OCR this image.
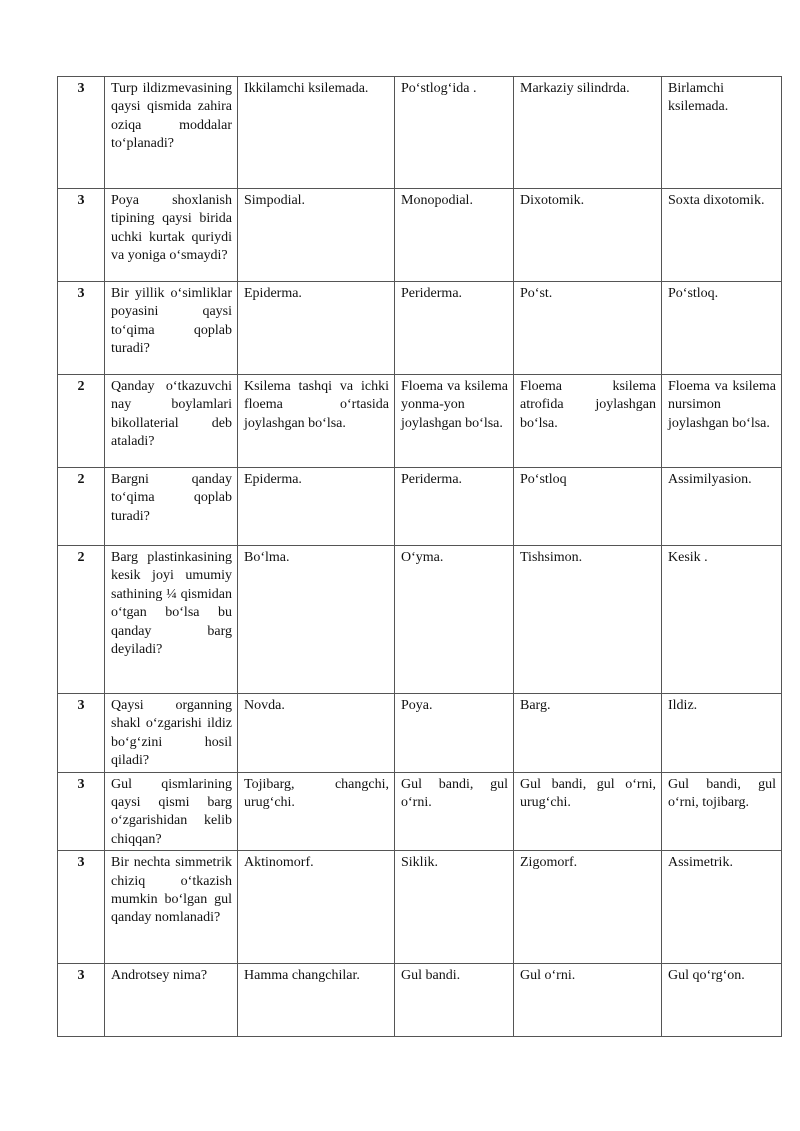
3	Turp ildizmevasining qaysi qismida zahira oziqa moddalar to‘planadi?	Ikkilamchi ksilemada.	Po‘stlog‘ida .	Markaziy silindrda.	Birlamchi ksilemada.
3	Poya shoxlanish tipining qaysi birida uchki kurtak quriydi va yoniga o‘smaydi?	Simpodial.	Monopodial.	Dixotomik.	Soxta dixotomik.
3	Bir yillik o‘simliklar poyasini qaysi to‘qima qoplab turadi?	Epiderma.	Periderma.	Po‘st.	Po‘stloq.
2	Qanday o‘tkazuvchi nay boylamlari bikollaterial deb ataladi?	Ksilema tashqi va ichki floema o‘rtasida joylashgan bo‘lsa.	Floema va ksilema yonma-yon joylashgan bo‘lsa.	Floema ksilema atrofida joylashgan bo‘lsa.	Floema va ksilema nursimon joylashgan bo‘lsa.
2	Bargni qanday to‘qima qoplab turadi?	Epiderma.	Periderma.	Po‘stloq	Assimilyasion.
2	Barg plastinkasining kesik joyi umumiy sathining ¼ qismidan o‘tgan bo‘lsa bu qanday barg deyiladi?	Bo‘lma.	O‘yma.	Tishsimon.	Kesik .
3	Qaysi organning shakl o‘zgarishi ildiz bo‘g‘zini hosil qiladi?	Novda.	Poya.	Barg.	Ildiz.
3	Gul qismlarining qaysi qismi barg o‘zgarishidan kelib chiqqan?	Tojibarg, changchi, urug‘chi.	Gul bandi, gul o‘rni.	Gul bandi, gul o‘rni, urug‘chi.	Gul bandi, gul o‘rni, tojibarg.
3	Bir nechta simmetrik chiziq o‘tkazish mumkin bo‘lgan gul qanday nomlanadi?	Aktinomorf.	Siklik.	Zigomorf.	Assimetrik.
3	Androtsey nima?	Hamma changchilar.	Gul bandi.	Gul o‘rni.	Gul qo‘rg‘on.
